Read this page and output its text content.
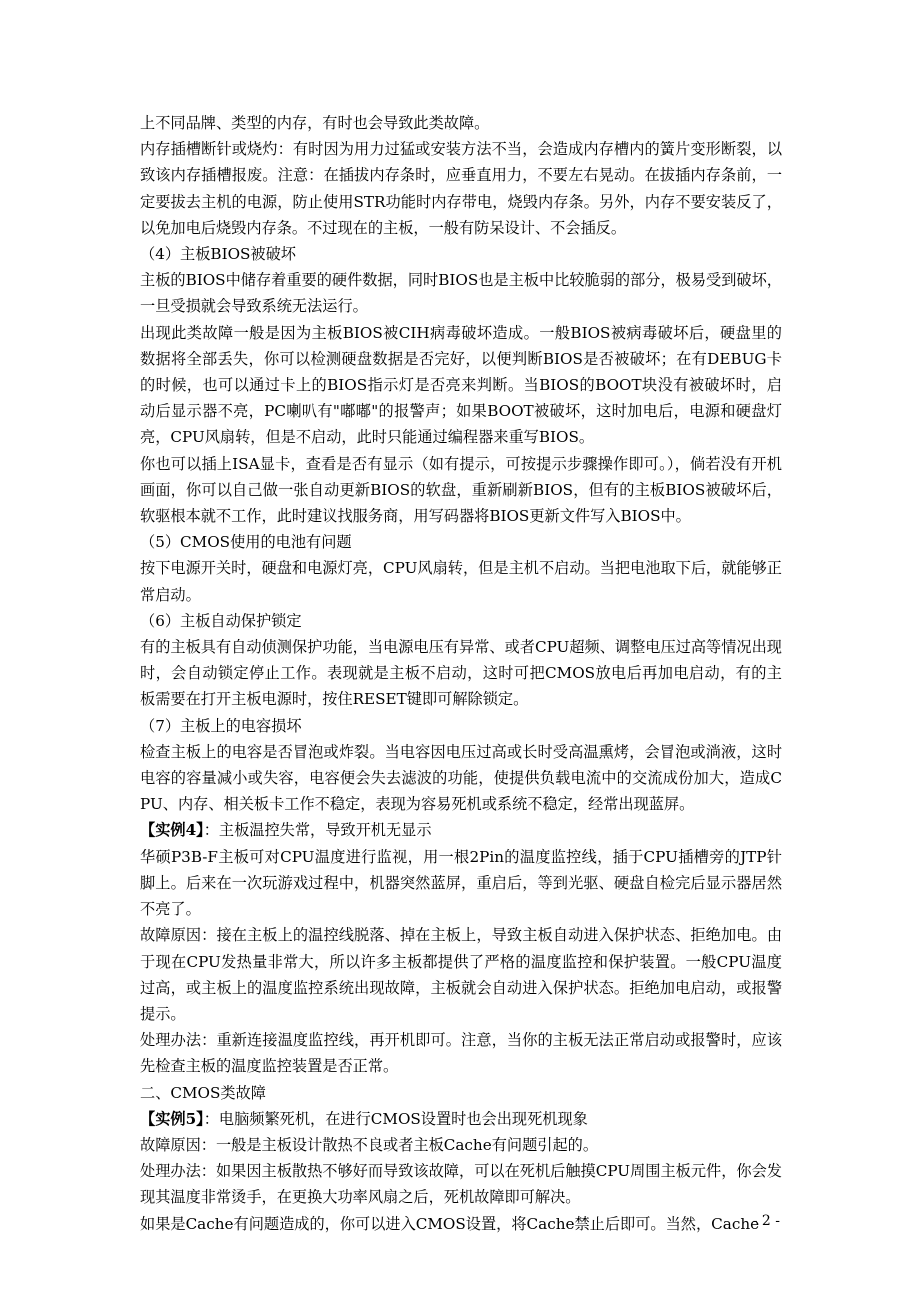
上不同品牌、类型的内存，有时也会导致此类故障。

内存插槽断针或烧灼：有时因为用力过猛或安装方法不当，会造成内存槽内的簧片变形断裂，以致该内存插槽报废。注意：在插拔内存条时，应垂直用力，不要左右晃动。在拔插内存条前，一定要拔去主机的电源，防止使用STR功能时内存带电，烧毁内存条。另外，内存不要安装反了，以免加电后烧毁内存条。不过现在的主板，一般有防呆设计、不会插反。

（4）主板BIOS被破坏

主板的BIOS中储存着重要的硬件数据，同时BIOS也是主板中比较脆弱的部分，极易受到破坏，一旦受损就会导致系统无法运行。

出现此类故障一般是因为主板BIOS被CIH病毒破坏造成。一般BIOS被病毒破坏后，硬盘里的数据将全部丢失，你可以检测硬盘数据是否完好，以便判断BIOS是否被破坏；在有DEBUG卡的时候，也可以通过卡上的BIOS指示灯是否亮来判断。当BIOS的BOOT块没有被破坏时，启动后显示器不亮，PC喇叭有"嘟嘟"的报警声；如果BOOT被破坏，这时加电后，电源和硬盘灯亮，CPU风扇转，但是不启动，此时只能通过编程器来重写BIOS。

你也可以插上ISA显卡，查看是否有显示（如有提示，可按提示步骤操作即可。），倘若没有开机画面，你可以自己做一张自动更新BIOS的软盘，重新刷新BIOS，但有的主板BIOS被破坏后，软驱根本就不工作，此时建议找服务商，用写码器将BIOS更新文件写入BIOS中。

（5）CMOS使用的电池有问题

按下电源开关时，硬盘和电源灯亮，CPU风扇转，但是主机不启动。当把电池取下后，就能够正常启动。

（6）主板自动保护锁定

有的主板具有自动侦测保护功能，当电源电压有异常、或者CPU超频、调整电压过高等情况出现时，会自动锁定停止工作。表现就是主板不启动，这时可把CMOS放电后再加电启动，有的主板需要在打开主板电源时，按住RESET键即可解除锁定。

（7）主板上的电容损坏

检查主板上的电容是否冒泡或炸裂。当电容因电压过高或长时受高温熏烤，会冒泡或淌液，这时电容的容量减小或失容，电容便会失去滤波的功能，使提供负载电流中的交流成份加大，造成CPU、内存、相关板卡工作不稳定，表现为容易死机或系统不稳定，经常出现蓝屏。

【实例4】：主板温控失常，导致开机无显示

华硕P3B-F主板可对CPU温度进行监视，用一根2Pin的温度监控线，插于CPU插槽旁的JTP针脚上。后来在一次玩游戏过程中，机器突然蓝屏，重启后，等到光驱、硬盘自检完后显示器居然不亮了。

故障原因：接在主板上的温控线脱落、掉在主板上，导致主板自动进入保护状态、拒绝加电。由于现在CPU发热量非常大，所以许多主板都提供了严格的温度监控和保护装置。一般CPU温度过高，或主板上的温度监控系统出现故障，主板就会自动进入保护状态。拒绝加电启动，或报警提示。

处理办法：重新连接温度监控线，再开机即可。注意，当你的主板无法正常启动或报警时，应该先检查主板的温度监控装置是否正常。

二、CMOS类故障

【实例5】：电脑频繁死机，在进行CMOS设置时也会出现死机现象

故障原因：一般是主板设计散热不良或者主板Cache有问题引起的。

处理办法：如果因主板散热不够好而导致该故障，可以在死机后触摸CPU周围主板元件，你会发现其温度非常烫手，在更换大功率风扇之后，死机故障即可解决。

如果是Cache有问题造成的，你可以进入CMOS设置，将Cache禁止后即可。当然，Cache

- 2 -
